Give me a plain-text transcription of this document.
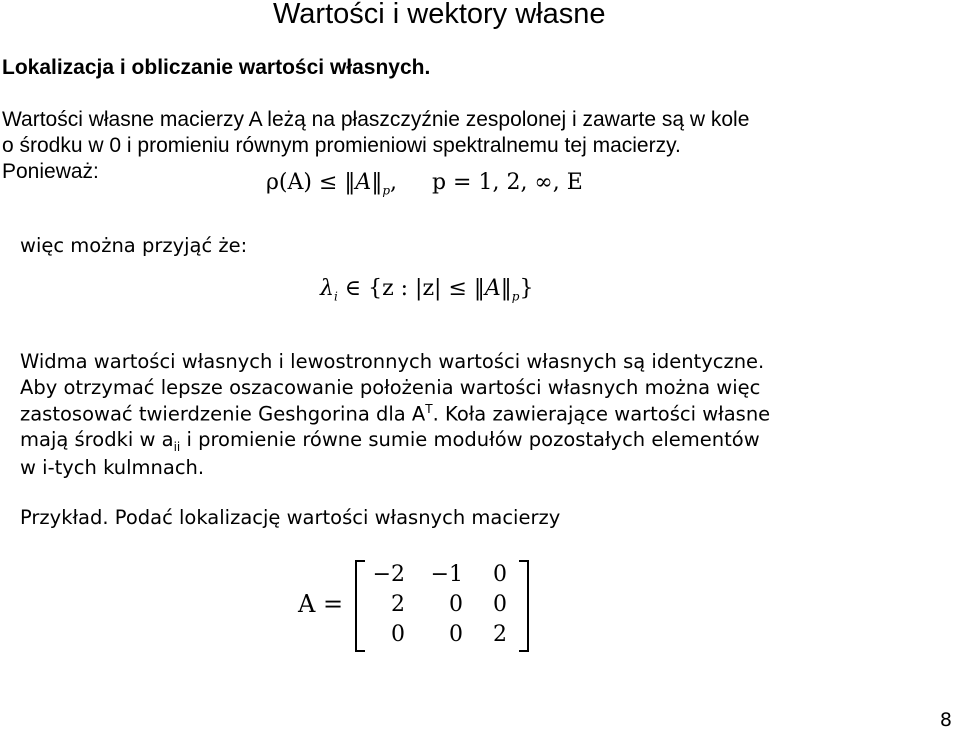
Wartości i wektory własne
Lokalizacja i obliczanie wartości własnych.
Wartości własne macierzy A leżą na płaszczyźnie zespolonej i zawarte są w kole
o środku w 0 i promieniu równym promieniowi spektralnemu tej macierzy.
Ponieważ:	$\rho(A) \le ‖A‖_p$,     p = 1, 2, ∞, E
więc można przyjąć że:
$\lambda_i$ ∈ {z : $|z| \le ‖A‖_p$}
Widma wartości własnych i lewostronnych wartości własnych są identyczne.
Aby otrzymać lepsze oszacowanie położenia wartości własnych można więc
zastosować twierdzenie Geshgorina dla $A^T$. Koła zawierające wartości własne
mają środki w $a_{ii}$ i promienie równe sumie modułów pozostałych elementów
w i-tych kulmnach.
Przykład. Podać lokalizację wartości własnych macierzy
A =
−2	−1	0
2	0	0
0	0	2
8
